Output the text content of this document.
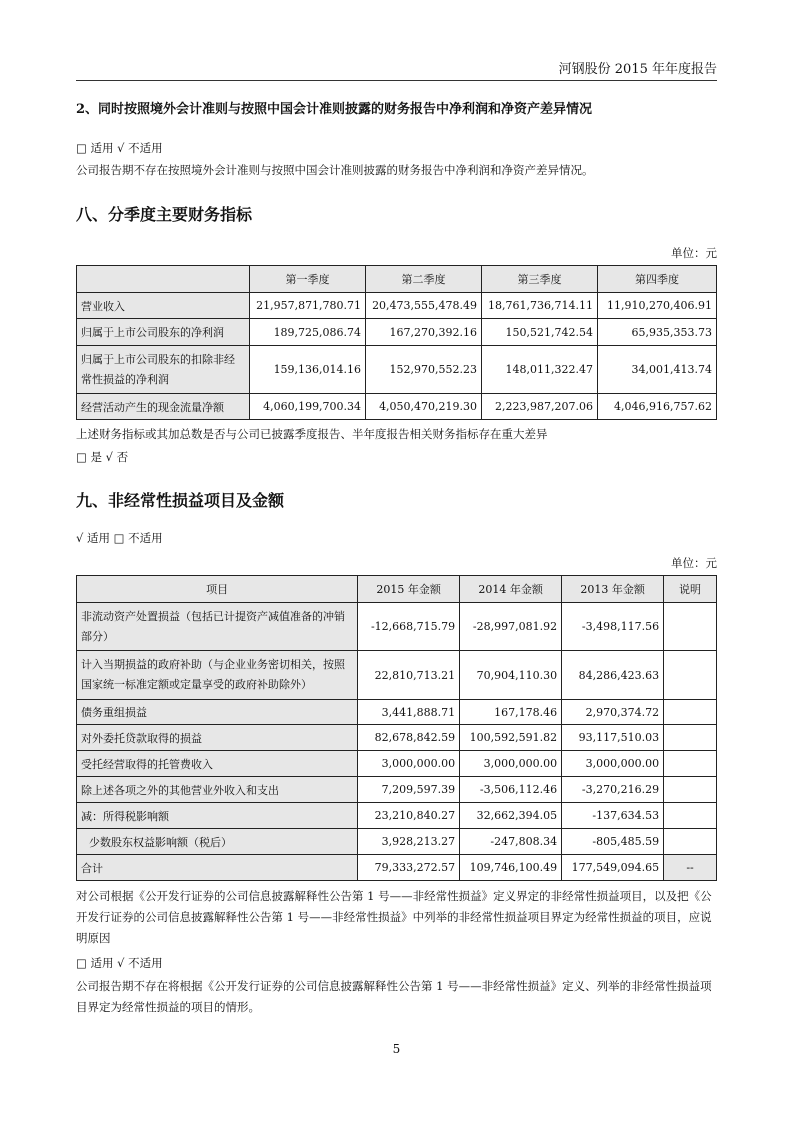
河钢股份 2015 年年度报告
2、同时按照境外会计准则与按照中国会计准则披露的财务报告中净利润和净资产差异情况
□ 适用 √ 不适用
公司报告期不存在按照境外会计准则与按照中国会计准则披露的财务报告中净利润和净资产差异情况。
八、分季度主要财务指标
单位：元
	第一季度	第二季度	第三季度	第四季度
营业收入	21,957,871,780.71	20,473,555,478.49	18,761,736,714.11	11,910,270,406.91
归属于上市公司股东的净利润	189,725,086.74	167,270,392.16	150,521,742.54	65,935,353.73
归属于上市公司股东的扣除非经常性损益的净利润	159,136,014.16	152,970,552.23	148,011,322.47	34,001,413.74
经营活动产生的现金流量净额	4,060,199,700.34	4,050,470,219.30	2,223,987,207.06	4,046,916,757.62
上述财务指标或其加总数是否与公司已披露季度报告、半年度报告相关财务指标存在重大差异
□ 是 √ 否
九、非经常性损益项目及金额
√ 适用 □ 不适用
单位：元
项目	2015 年金额	2014 年金额	2013 年金额	说明
非流动资产处置损益（包括已计提资产减值准备的冲销部分）	-12,668,715.79	-28,997,081.92	-3,498,117.56	
计入当期损益的政府补助（与企业业务密切相关，按照国家统一标准定额或定量享受的政府补助除外）	22,810,713.21	70,904,110.30	84,286,423.63	
债务重组损益	3,441,888.71	167,178.46	2,970,374.72	
对外委托贷款取得的损益	82,678,842.59	100,592,591.82	93,117,510.03	
受托经营取得的托管费收入	3,000,000.00	3,000,000.00	3,000,000.00	
除上述各项之外的其他营业外收入和支出	7,209,597.39	-3,506,112.46	-3,270,216.29	
减：所得税影响额	23,210,840.27	32,662,394.05	-137,634.53	
少数股东权益影响额（税后）	3,928,213.27	-247,808.34	-805,485.59	
合计	79,333,272.57	109,746,100.49	177,549,094.65	--
对公司根据《公开发行证券的公司信息披露解释性公告第 1 号——非经常性损益》定义界定的非经常性损益项目，以及把《公开发行证券的公司信息披露解释性公告第 1 号——非经常性损益》中列举的非经常性损益项目界定为经常性损益的项目，应说明原因
□ 适用 √ 不适用
公司报告期不存在将根据《公开发行证券的公司信息披露解释性公告第 1 号——非经常性损益》定义、列举的非经常性损益项目界定为经常性损益的项目的情形。
5
